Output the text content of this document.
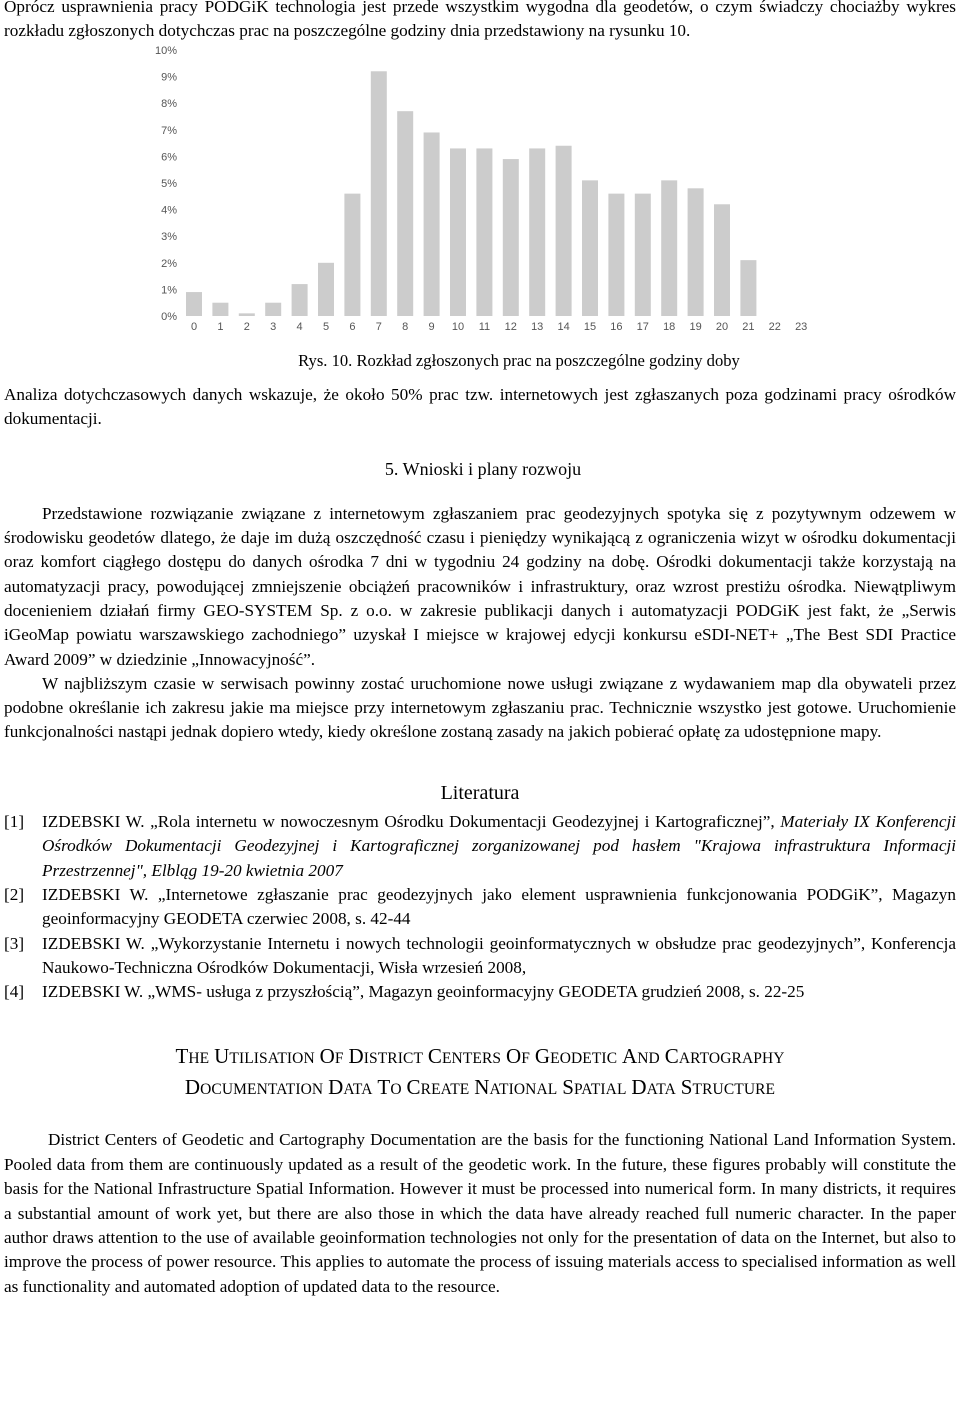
Oprócz usprawnienia pracy PODGiK technologia jest przede wszystkim wygodna dla geodetów, o czym świadczy chociażby wykres rozkładu zgłoszonych dotychczas prac na poszczególne godziny dnia przedstawiony na rysunku 10.

0%
1%
2%
3%
4%
5%
6%
7%
8%
9%
10%
0 1 2 3 4 5 6 7 8 9 10 11 12 13 14 15 16 17 18 19 20 21 22 23

Rys. 10. Rozkład zgłoszonych prac na poszczególne godziny doby

Analiza dotychczasowych danych wskazuje, że około 50% prac tzw. internetowych jest zgłaszanych poza godzinami pracy ośrodków dokumentacji.

5. Wnioski i plany rozwoju

Przedstawione rozwiązanie związane z internetowym zgłaszaniem prac geodezyjnych spotyka się z pozytywnym odzewem w środowisku geodetów dlatego, że daje im dużą oszczędność czasu i pieniędzy wynikającą z ograniczenia wizyt w ośrodku dokumentacji oraz komfort ciągłego dostępu do danych ośrodka 7 dni w tygodniu 24 godziny na dobę. Ośrodki dokumentacji także korzystają na automatyzacji pracy, powodującej zmniejszenie obciążeń pracowników i infrastruktury, oraz wzrost prestiżu ośrodka. Niewątpliwym docenieniem działań firmy GEO-SYSTEM Sp. z o.o. w zakresie publikacji danych i automatyzacji PODGiK jest fakt, że „Serwis iGeoMap powiatu warszawskiego zachodniego” uzyskał I miejsce w krajowej edycji konkursu eSDI-NET+ „The Best SDI Practice Award 2009” w dziedzinie „Innowacyjność”.

W najbliższym czasie w serwisach powinny zostać uruchomione nowe usługi związane z wydawaniem map dla obywateli przez podobne określanie ich zakresu jakie ma miejsce przy internetowym zgłaszaniu prac. Technicznie wszystko jest gotowe. Uruchomienie funkcjonalności nastąpi jednak dopiero wtedy, kiedy określone zostaną zasady na jakich pobierać opłatę za udostępnione mapy.

Literatura
[1]	IZDEBSKI W. „Rola internetu w nowoczesnym Ośrodku Dokumentacji Geodezyjnej i Kartograficznej”, Materiały IX Konferencji Ośrodków Dokumentacji Geodezyjnej i Kartograficznej zorganizowanej pod hasłem "Krajowa infrastruktura Informacji Przestrzennej", Elbląg 19-20 kwietnia 2007
[2]	IZDEBSKI W. „Internetowe zgłaszanie prac geodezyjnych jako element usprawnienia funkcjonowania PODGiK”, Magazyn geoinformacyjny GEODETA czerwiec 2008, s. 42-44
[3]	IZDEBSKI W. „Wykorzystanie Internetu i nowych technologii geoinformatycznych w obsłudze prac geodezyjnych”, Konferencja Naukowo-Techniczna Ośrodków Dokumentacji, Wisła wrzesień 2008,
[4]	IZDEBSKI W. „WMS- usługa z przyszłością”, Magazyn geoinformacyjny GEODETA grudzień 2008, s. 22-25
THE UTILISATION OF DISTRICT CENTERS OF GEODETIC AND CARTOGRAPHY
DOCUMENTATION DATA TO CREATE NATIONAL SPATIAL DATA STRUCTURE

District Centers of Geodetic and Cartography Documentation are the basis for the functioning National Land Information System. Pooled data from them are continuously updated as a result of the geodetic work. In the future, these figures probably will constitute the basis for the National Infrastructure Spatial Information. However it must be processed into numerical form. In many districts, it requires a substantial amount of work yet, but there are also those in which the data have already reached full numeric character. In the paper author draws attention to the use of available geoinformation technologies not only for the presentation of data on the Internet, but also to improve the process of power resource. This applies to automate the process of issuing materials access to specialised information as well as functionality and automated adoption of updated data to the resource.
